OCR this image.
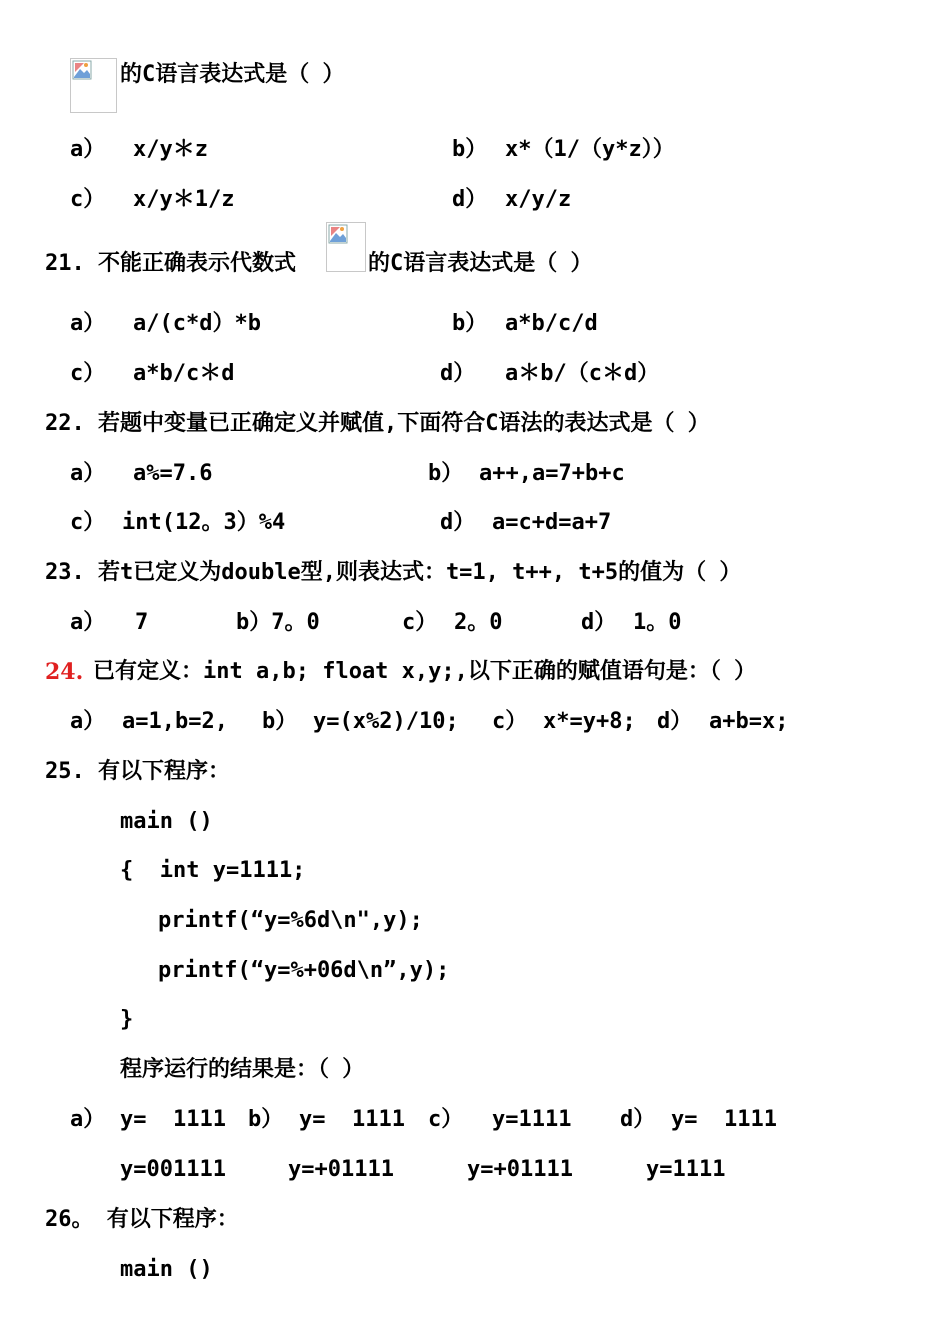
的C语言表达式是（ ）
a） x/y＊z	b） x*（1/（y*z））
c） x/y＊1/z	d） x/y/z
21. 不能正确表示代数式	的C语言表达式是（ ）
a） a/(c*d）*b	b） a*b/c/d
c） a*b/c＊d	d） a＊b/（c＊d）
22. 若题中变量已正确定义并赋值,下面符合C语法的表达式是（ ）
a） a%=7.6	b） a++,a=7+b+c
c） int(12。3）%4	d） a=c+d=a+7
23. 若t已定义为double型,则表达式：t=1, t++, t+5的值为（ ）
a） 7	b）7。0	c） 2。0	d） 1。0
24. 已有定义：int a,b; float x,y;,以下正确的赋值语句是：（ ）
a） a=1,b=2, b） y=(x%2)/10; c） x*=y+8; d） a+b=x;
25. 有以下程序：
main ()
{  int y=1111;
printf(“y=%6d\n",y);
printf(“y=%+06d\n”,y);
}
程序运行的结果是：（ ）
a） y=  1111 b） y=  1111 c） y=1111 d） y=  1111
y=001111	y=+01111	y=+01111	y=1111
26。 有以下程序：
main ()
